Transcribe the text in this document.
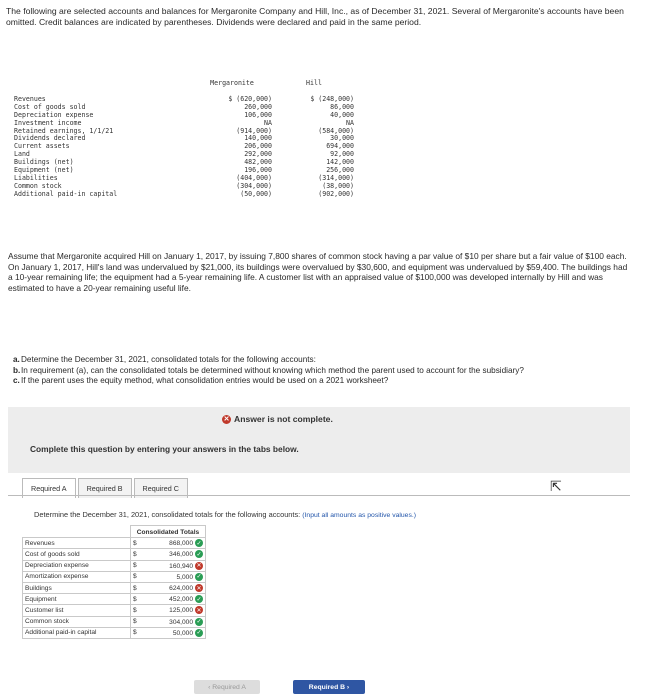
The following are selected accounts and balances for Mergaronite Company and Hill, Inc., as of December 31, 2021. Several of Mergaronite's accounts have been omitted. Credit balances are indicated by parentheses. Dividends were declared and paid in the same period.
Mergaronite	Hill
Revenues	$ (620,000)	$ (248,000)
Cost of goods sold	260,000	86,000
Depreciation expense	106,000	40,000
Investment income	NA	NA
Retained earnings, 1/1/21	(914,000)	(584,000)
Dividends declared	140,000	30,000
Current assets	206,000	694,000
Land	292,000	92,000
Buildings (net)	482,000	142,000
Equipment (net)	196,000	256,000
Liabilities	(404,000)	(314,000)
Common stock	(304,000)	(38,000)
Additional paid-in capital	(50,000)	(902,000)
Assume that Mergaronite acquired Hill on January 1, 2017, by issuing 7,800 shares of common stock having a par value of $10 per share but a fair value of $100 each. On January 1, 2017, Hill's land was undervalued by $21,000, its buildings were overvalued by $30,600, and equipment was undervalued by $59,400. The buildings had a 10-year remaining life; the equipment had a 5-year remaining life. A customer list with an appraised value of $100,000 was developed internally by Hill and was estimated to have a 20-year remaining useful life.
a. Determine the December 31, 2021, consolidated totals for the following accounts:
b. In requirement (a), can the consolidated totals be determined without knowing which method the parent used to account for the subsidiary?
c. If the parent uses the equity method, what consolidation entries would be used on a 2021 worksheet?
✕ Answer is not complete.
Complete this question by entering your answers in the tabs below.
Required A	Required B	Required C	⇱
Determine the December 31, 2021, consolidated totals for the following accounts: (Input all amounts as positive values.)
	Consolidated Totals	
Revenues	$	868,000 ✓
Cost of goods sold	$	346,000 ✓
Depreciation expense	$	160,940 ✕
Amortization expense	$	5,000 ✓
Buildings	$	624,000 ✕
Equipment	$	452,000 ✓
Customer list	$	125,000 ✕
Common stock	$	304,000 ✓
Additional paid-in capital	$	50,000 ✓
‹ Required A	Required B ›
